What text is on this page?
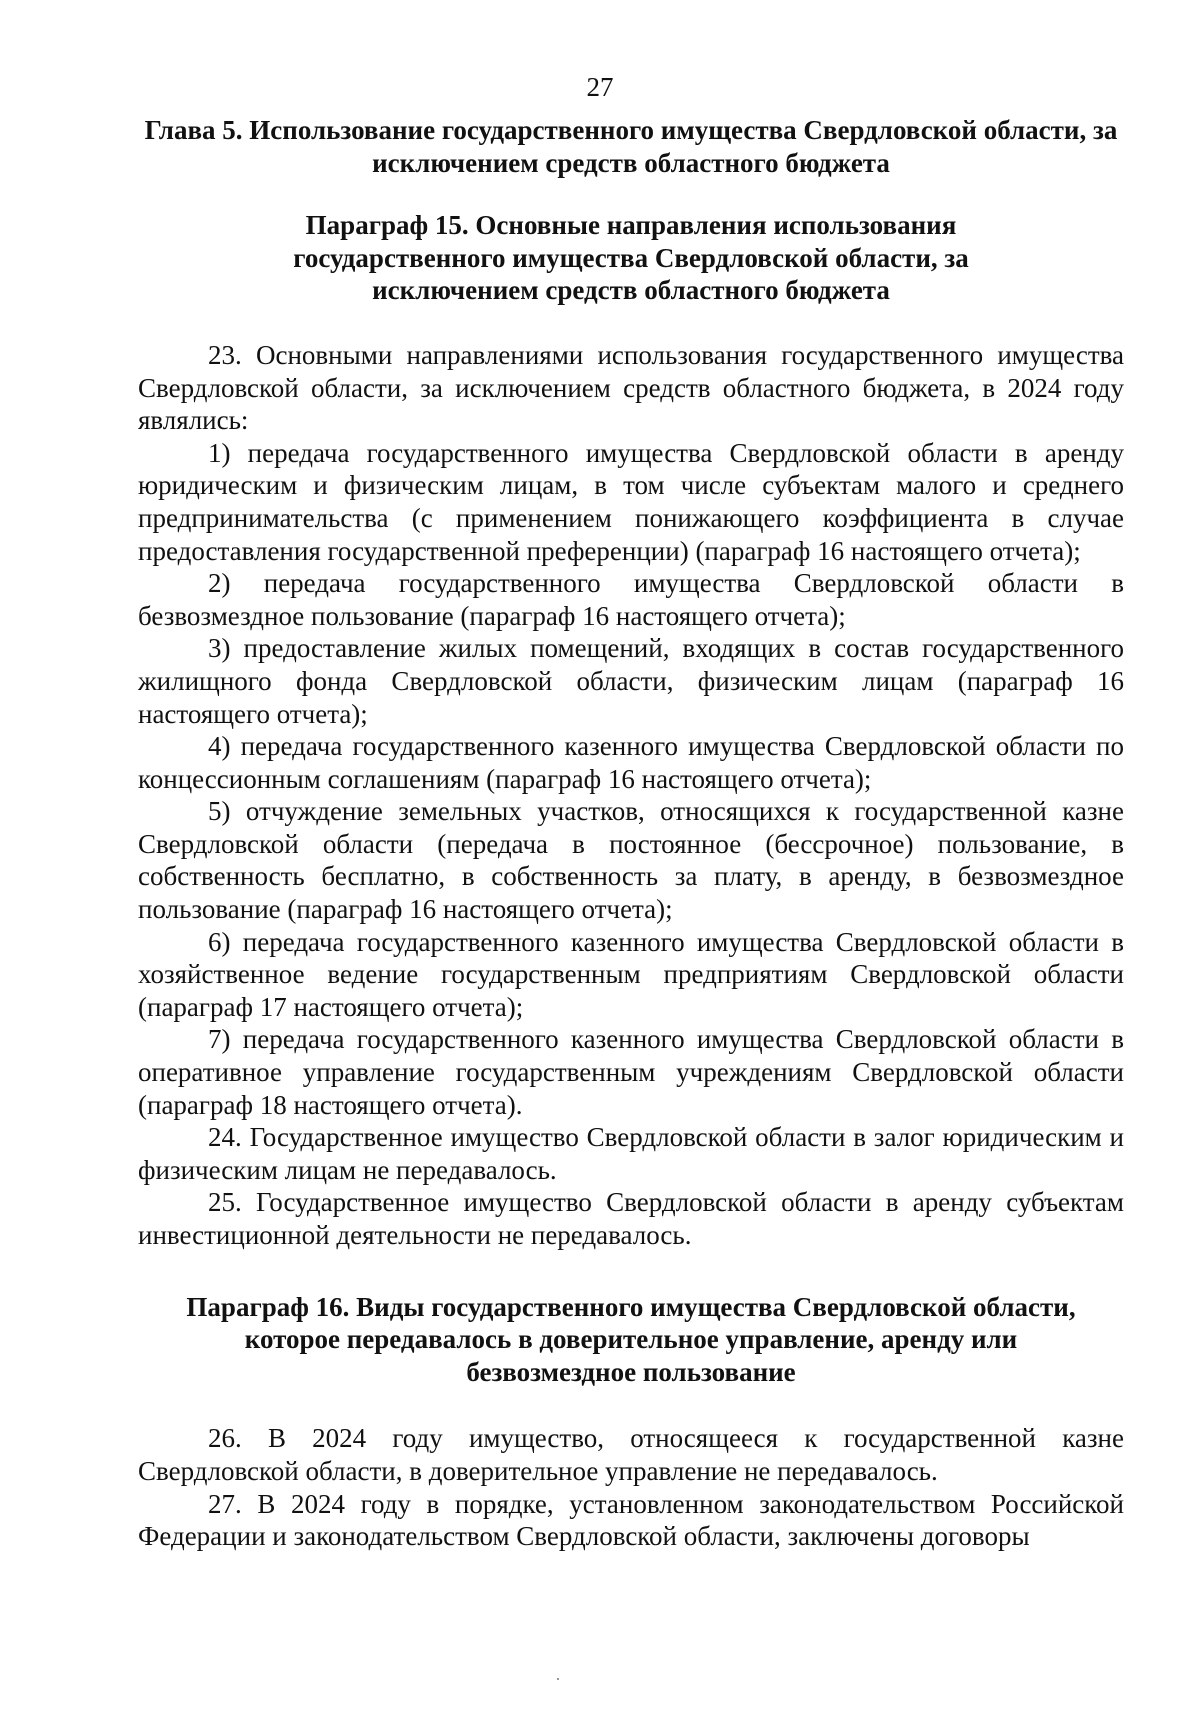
27
Глава 5. Использование государственного имущества Свердловской области, за исключением средств областного бюджета
Параграф 15. Основные направления использования государственного имущества Свердловской области, за исключением средств областного бюджета

23. Основными направлениями использования государственного имущества Свердловской области, за исключением средств областного бюджета, в 2024 году являлись:

1) передача государственного имущества Свердловской области в аренду юридическим и физическим лицам, в том числе субъектам малого и среднего предпринимательства (с применением понижающего коэффициента в случае предоставления государственной преференции) (параграф 16 настоящего отчета);

2) передача государственного имущества Свердловской области в безвозмездное пользование (параграф 16 настоящего отчета);

3) предоставление жилых помещений, входящих в состав государственного жилищного фонда Свердловской области, физическим лицам (параграф 16 настоящего отчета);

4) передача государственного казенного имущества Свердловской области по концессионным соглашениям (параграф 16 настоящего отчета);

5) отчуждение земельных участков, относящихся к государственной казне Свердловской области (передача в постоянное (бессрочное) пользование, в собственность бесплатно, в собственность за плату, в аренду, в безвозмездное пользование (параграф 16 настоящего отчета);

6) передача государственного казенного имущества Свердловской области в хозяйственное ведение государственным предприятиям Свердловской области (параграф 17 настоящего отчета);

7) передача государственного казенного имущества Свердловской области в оперативное управление государственным учреждениям Свердловской области (параграф 18 настоящего отчета).

24. Государственное имущество Свердловской области в залог юридическим и физическим лицам не передавалось.

25. Государственное имущество Свердловской области в аренду субъектам инвестиционной деятельности не передавалось.

Параграф 16. Виды государственного имущества Свердловской области, которое передавалось в доверительное управление, аренду или безвозмездное пользование

26. В 2024 году имущество, относящееся к государственной казне Свердловской области, в доверительное управление не передавалось.

27. В 2024 году в порядке, установленном законодательством Российской Федерации и законодательством Свердловской области, заключены договоры
